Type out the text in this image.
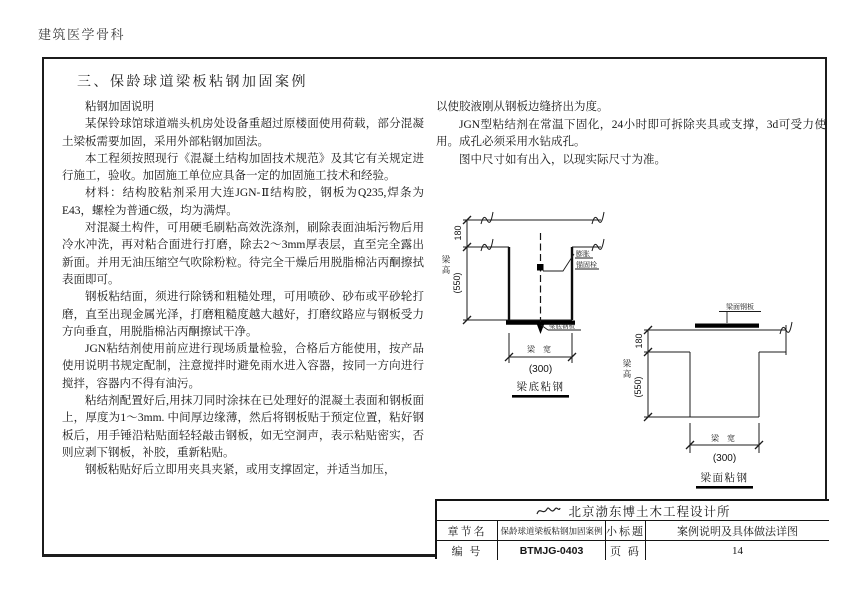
建筑医学骨科
三、保龄球道梁板粘钢加固案例

粘钢加固说明

某保铃球馆球道端头机房处设备重超过原楼面使用荷载，部分混凝土梁板需要加固，采用外部粘钢加固法。

本工程须按照现行《混凝土结构加固技术规范》及其它有关规定进行施工，验收。加固施工单位应具备一定的加固施工技术和经验。

材料：结构胶粘剂采用大连JGN-Ⅱ结构胶，钢板为Q235,焊条为E43，螺栓为普通C级，均为满焊。

对混凝土构件，可用硬毛刷粘高效洗涤剂，刷除表面油垢污物后用冷水冲洗，再对粘合面进行打磨，除去2～3mm厚表层，直至完全露出新面。并用无油压缩空气吹除粉粒。待完全干燥后用脱脂棉沾丙酮擦拭表面即可。

钢板粘结面，须进行除锈和粗糙处理，可用喷砂、砂布或平砂轮打磨，直至出现金属光泽，打磨粗糙度越大越好，打磨纹路应与钢板受力方向垂直，用脱脂棉沾丙酮擦试干净。

JGN粘结剂使用前应进行现场质量检验，合格后方能使用，按产品使用说明书规定配制，注意搅拌时避免雨水进入容器，按同一方向进行搅拌，容器内不得有油污。

粘结剂配置好后,用抹刀同时涂抹在已处理好的混凝土表面和钢板面上，厚度为1～3mm. 中间厚边缘薄，然后将钢板贴于预定位置，粘好钢板后，用手锤沿粘贴面轻轻敲击钢板，如无空洞声，表示粘贴密实，否则应剥下钢板，补胶，重新粘贴。

钢板粘贴好后立即用夹具夹紧，或用支撑固定，并适当加压，

以使胶液刚从钢板边缝挤出为度。

JGN型粘结剂在常温下固化，24小时即可拆除夹具或支撑，3d可受力使用。成孔必须采用水钻成孔。

图中尺寸如有出入，以现实际尺寸为准。

180
(550)
梁高
膨胀
锚固栓
梁底钢板
梁 宽
(300)
梁底粘钢
梁面钢板
180
(550)
梁高
梁 宽
(300)
梁面粘钢
北京渤东博土木工程设计所
章节名	保龄球道梁板粘钢加固案例 小标题	案例说明及具体做法详图
编 号	BTMJG-0403	页 码	14
